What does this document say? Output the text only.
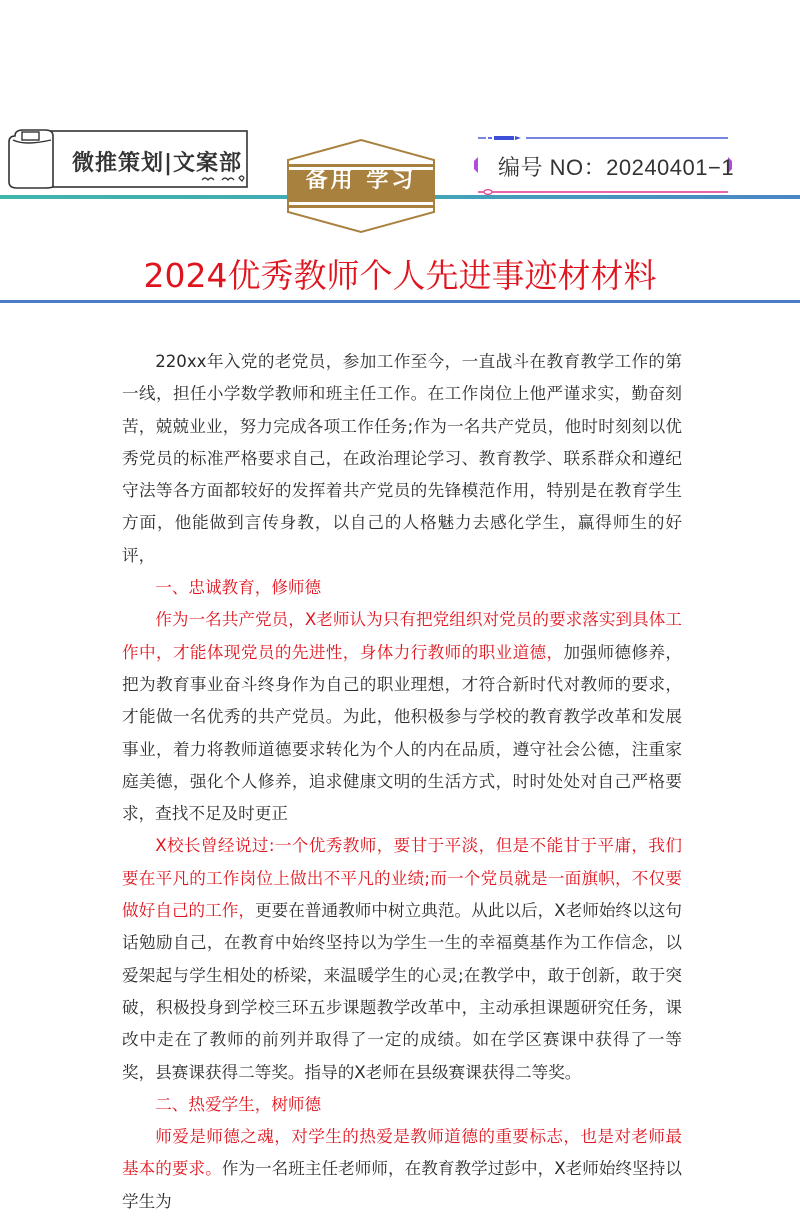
微推策划|文案部
备用 学习
编号 NO：20240401−1
2024优秀教师个人先进事迹材材料

220xx年入党的老党员，参加工作至今，一直战斗在教育教学工作的第一线，担任小学数学教师和班主任工作。在工作岗位上他严谨求实，勤奋刻苦，兢兢业业，努力完成各项工作任务;作为一名共产党员，他时时刻刻以优秀党员的标准严格要求自己，在政治理论学习、教育教学、联系群众和遵纪守法等各方面都较好的发挥着共产党员的先锋模范作用，特别是在教育学生方面，他能做到言传身教，以自己的人格魅力去感化学生，赢得师生的好评，

一、忠诚教育，修师德

作为一名共产党员，X老师认为只有把党组织对党员的要求落实到具体工作中，才能体现党员的先进性，身体力行教师的职业道德，加强师德修养，把为教育事业奋斗终身作为自己的职业理想，才符合新时代对教师的要求，才能做一名优秀的共产党员。为此，他积极参与学校的教育教学改革和发展事业，着力将教师道德要求转化为个人的内在品质，遵守社会公德，注重家庭美德，强化个人修养，追求健康文明的生活方式，时时处处对自己严格要求，查找不足及时更正

X校长曾经说过:一个优秀教师，要甘于平淡，但是不能甘于平庸，我们要在平凡的工作岗位上做出不平凡的业绩;而一个党员就是一面旗帜，不仅要做好自己的工作，更要在普通教师中树立典范。从此以后，X老师始终以这句话勉励自己，在教育中始终坚持以为学生一生的幸福奠基作为工作信念，以爱架起与学生相处的桥梁，来温暖学生的心灵;在教学中，敢于创新，敢于突破，积极投身到学校三环五步课题教学改革中，主动承担课题研究任务，课改中走在了教师的前列并取得了一定的成绩。如在学区赛课中获得了一等奖，县赛课获得二等奖。指导的X老师在县级赛课获得二等奖。

二、热爱学生，树师德

师爱是师德之魂，对学生的热爱是教师道德的重要标志，也是对老师最基本的要求。作为一名班主任老师师，在教育教学过彭中，X老师始终坚持以学生为
